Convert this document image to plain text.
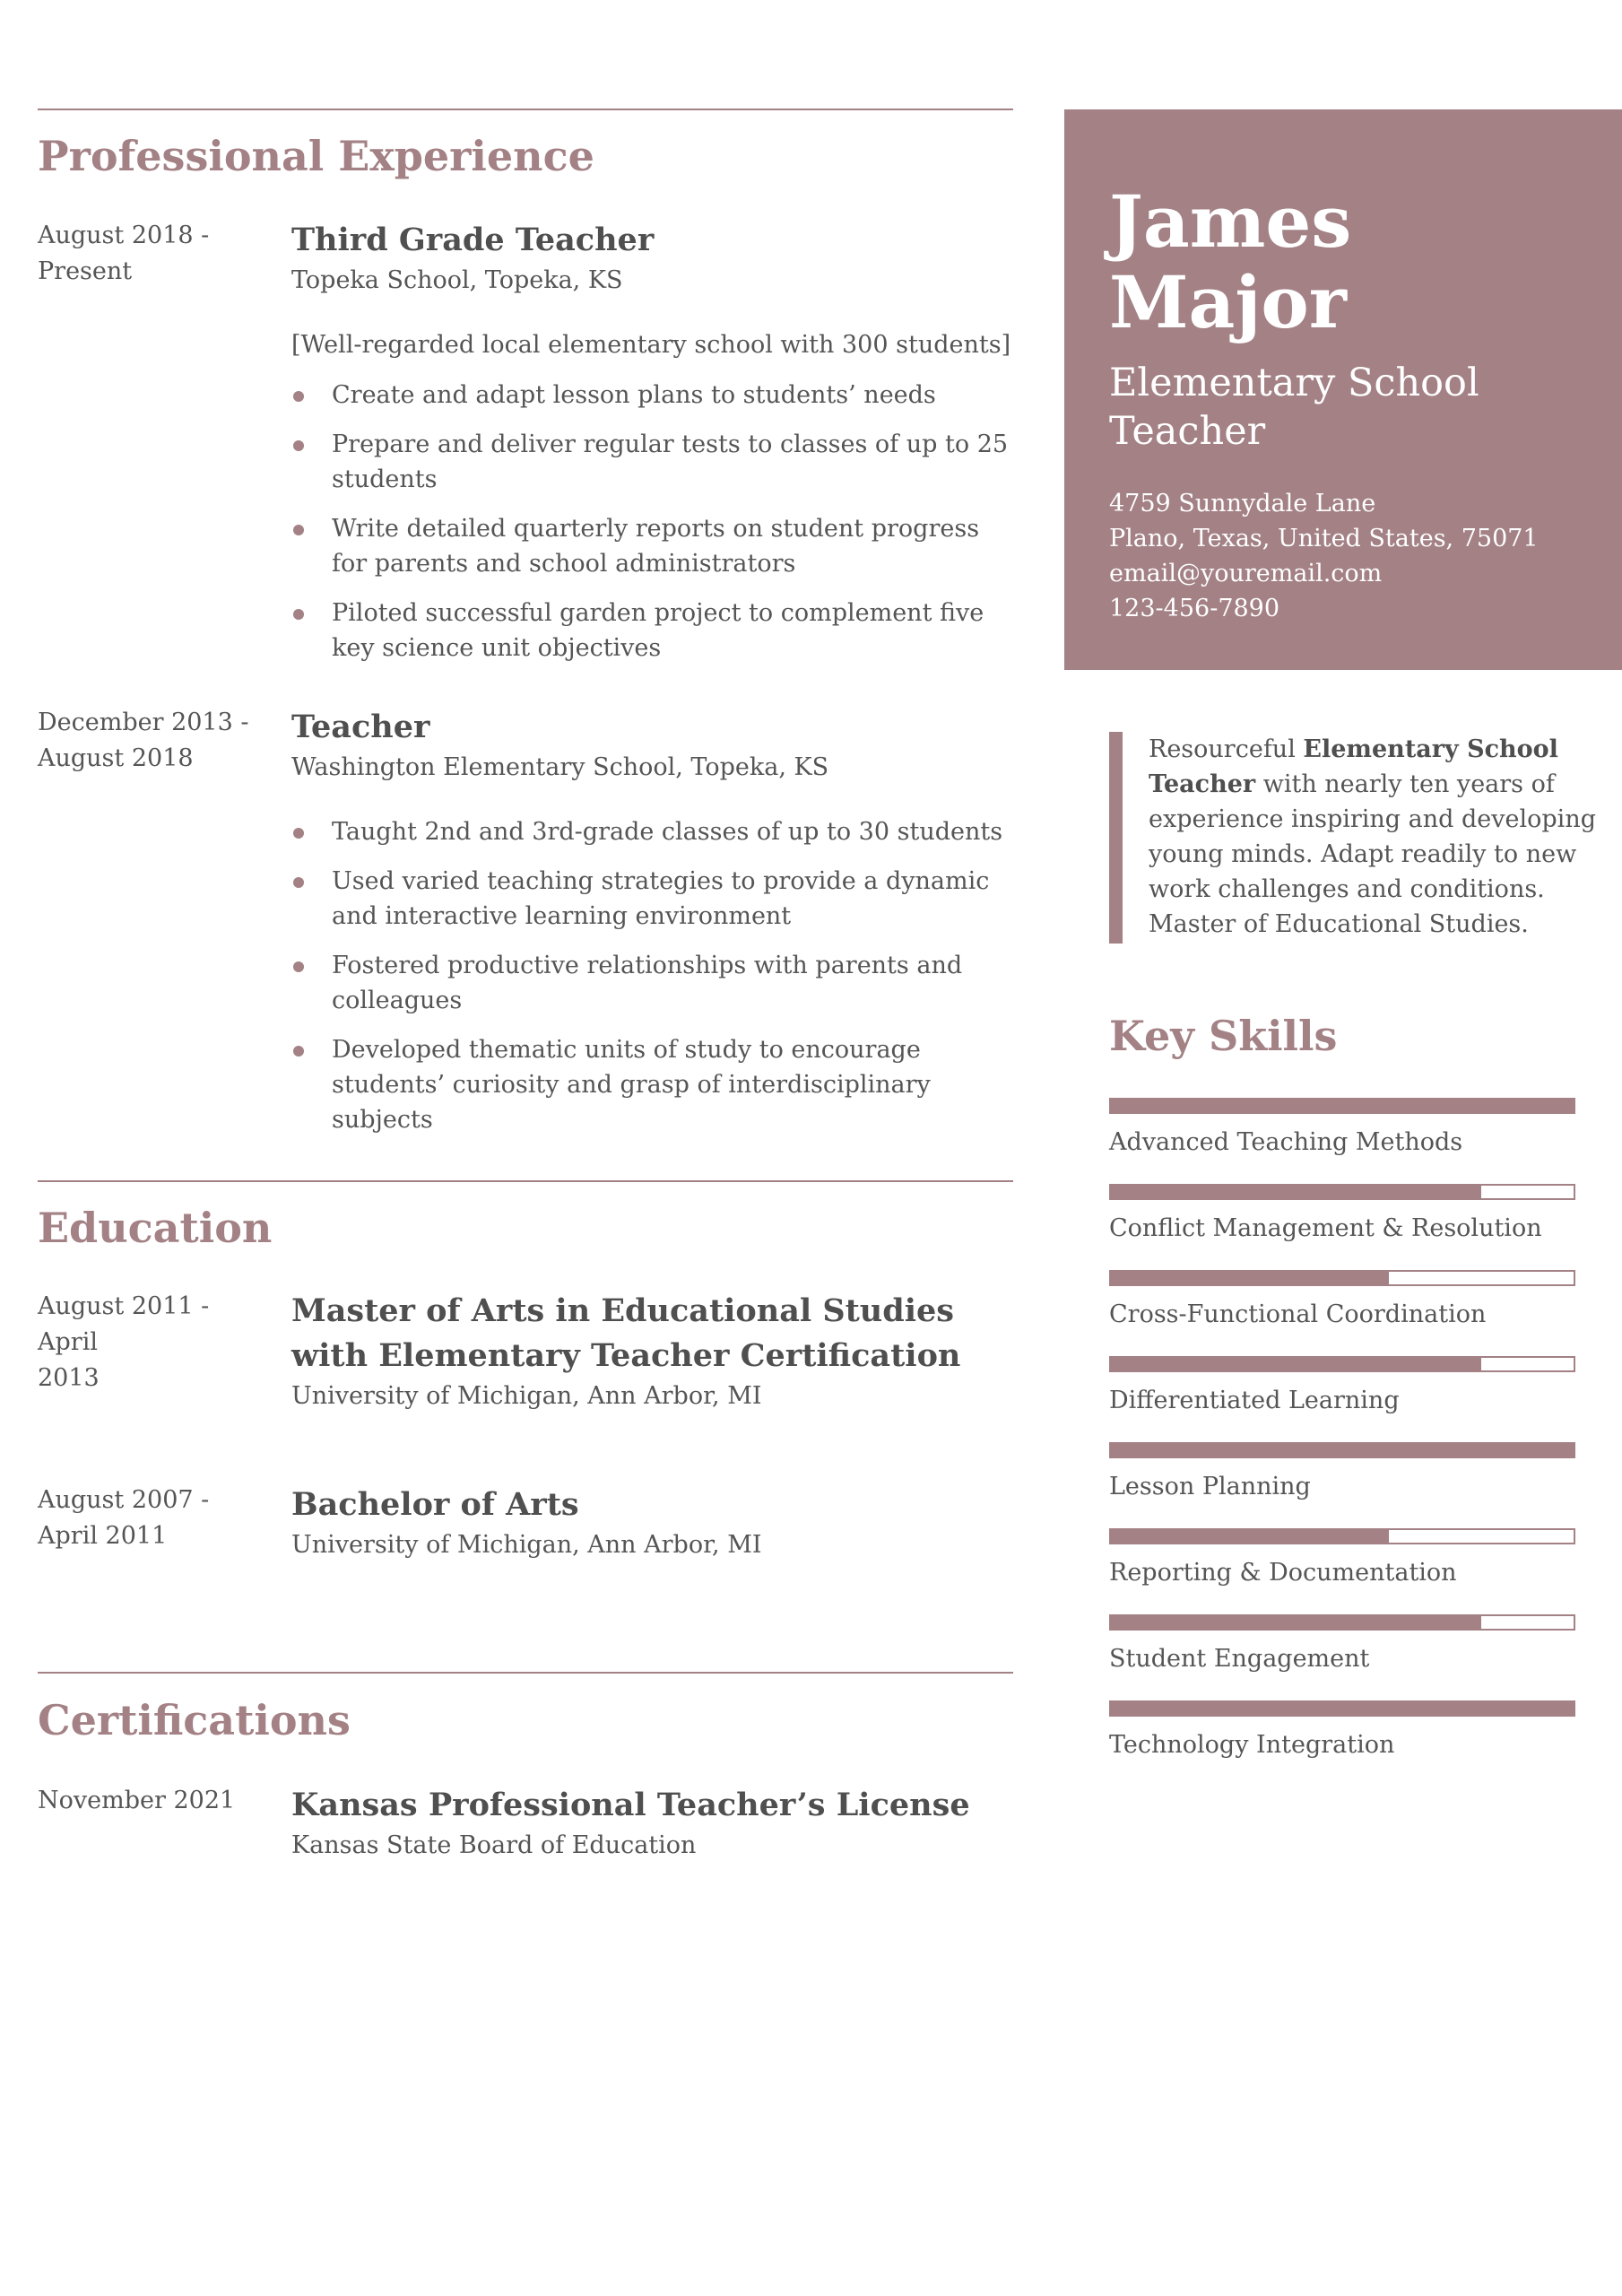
Professional Experience
August 2018 -
Present
Third Grade Teacher
Topeka School, Topeka, KS
[Well-regarded local elementary school with 300 students]
Create and adapt lesson plans to students’ needs
Prepare and deliver regular tests to classes of up to 25 students
Write detailed quarterly reports on student progress for parents and school administrators
Piloted successful garden project to complement five key science unit objectives
December 2013 -
August 2018
Teacher
Washington Elementary School, Topeka, KS
Taught 2nd and 3rd-grade classes of up to 30 students
Used varied teaching strategies to provide a dynamic and interactive learning environment
Fostered productive relationships with parents and colleagues
Developed thematic units of study to encourage students’ curiosity and grasp of interdisciplinary subjects
Education
August 2011 - April
2013
Master of Arts in Educational Studies with Elementary Teacher Certification
University of Michigan, Ann Arbor, MI
August 2007 -
April 2011
Bachelor of Arts
University of Michigan, Ann Arbor, MI
Certifications
November 2021	Kansas Professional Teacher’s License
Kansas State Board of Education
James
Major
Elementary School
Teacher
4759 Sunnydale Lane
Plano, Texas, United States, 75071
email@youremail.com
123-456-7890
Resourceful Elementary School Teacher with nearly ten years of experience inspiring and developing young minds. Adapt readily to new work challenges and conditions. Master of Educational Studies.
Key Skills
Advanced Teaching Methods
Conflict Management & Resolution
Cross-Functional Coordination
Differentiated Learning
Lesson Planning
Reporting & Documentation
Student Engagement
Technology Integration
